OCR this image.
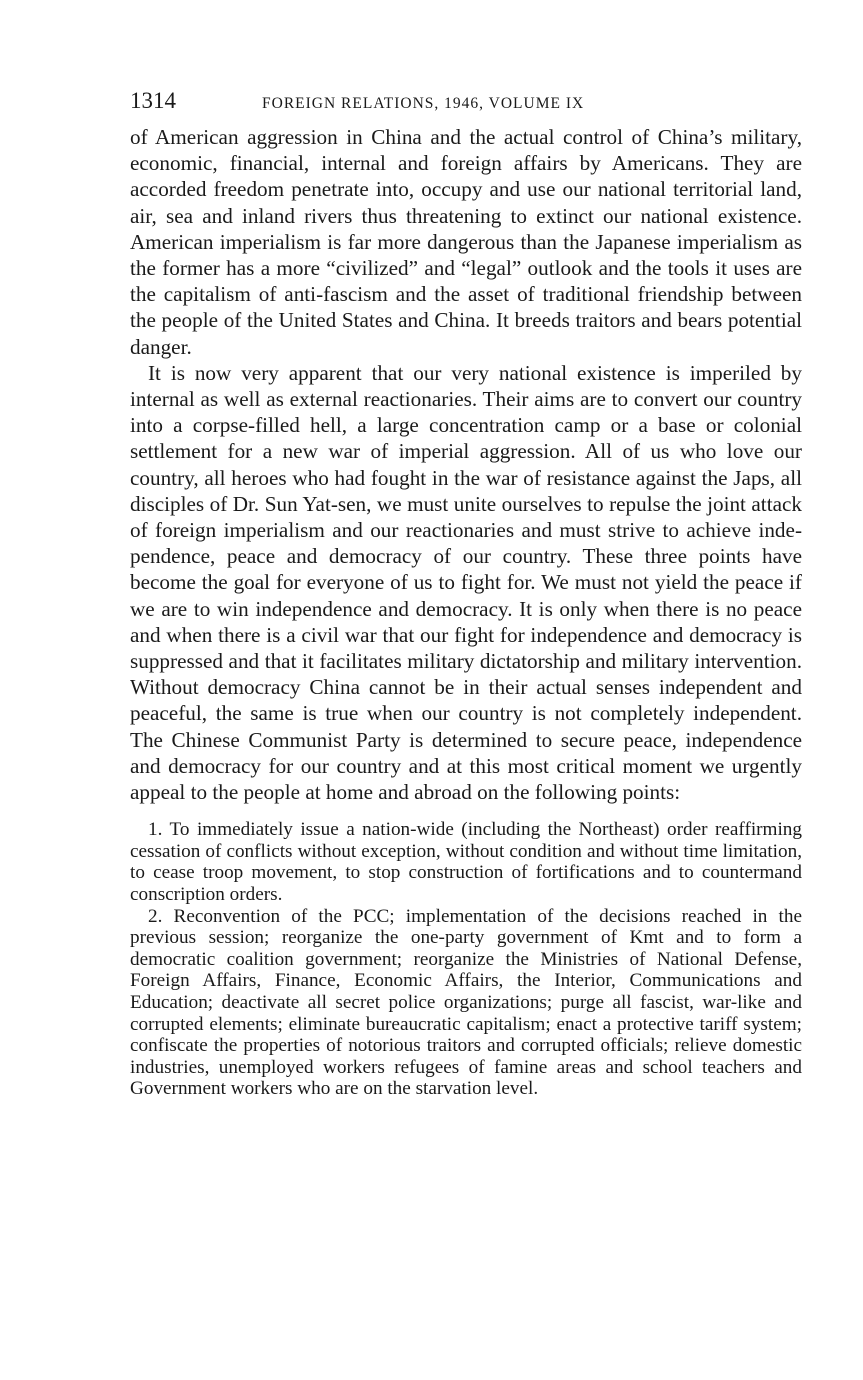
1314	FOREIGN RELATIONS, 1946, VOLUME IX

of American aggression in China and the actual control of China’s military, economic, financial, internal and foreign affairs by Americans. They are accorded freedom penetrate into, occupy and use our national territorial land, air, sea and inland rivers thus threatening to extinct our national existence. American imperialism is far more dangerous than the Japanese imperialism as the former has a more “civilized” and “legal” outlook and the tools it uses are the capitalism of anti-fascism and the asset of traditional friendship between the people of the United States and China. It breeds traitors and bears potential danger.

It is now very apparent that our very national existence is imperiled by internal as well as external reactionaries. Their aims are to convert our country into a corpse-filled hell, a large concentration camp or a base or colonial settlement for a new war of imperial aggression. All of us who love our country, all heroes who had fought in the war of resistance against the Japs, all disciples of Dr. Sun Yat-sen, we must unite ourselves to repulse the joint attack of foreign imperialism and our reactionaries and must strive to achieve independence, peace and democracy of our country. These three points have become the goal for everyone of us to fight for. We must not yield the peace if we are to win independence and democracy. It is only when there is no peace and when there is a civil war that our fight for independence and democracy is suppressed and that it facilitates military dictatorship and military intervention. Without democracy China cannot be in their actual senses independent and peaceful, the same is true when our country is not completely independent. The Chinese Communist Party is determined to secure peace, independence and democracy for our country and at this most critical moment we urgently appeal to the people at home and abroad on the following points:

1. To immediately issue a nation-wide (including the Northeast) order reaffirming cessation of conflicts without exception, without condition and without time limitation, to cease troop movement, to stop construction of fortifications and to countermand conscription orders.

2. Reconvention of the PCC; implementation of the decisions reached in the previous session; reorganize the one-party government of Kmt and to form a democratic coalition government; reorganize the Ministries of National Defense, Foreign Affairs, Finance, Economic Affairs, the Interior, Communications and Education; deactivate all secret police organizations; purge all fascist, war-like and corrupted elements; eliminate bureaucratic capitalism; enact a protective tariff system; confiscate the properties of notorious traitors and corrupted officials; relieve domestic industries, unemployed workers refugees of famine areas and school teachers and Government workers who are on the starvation level.
